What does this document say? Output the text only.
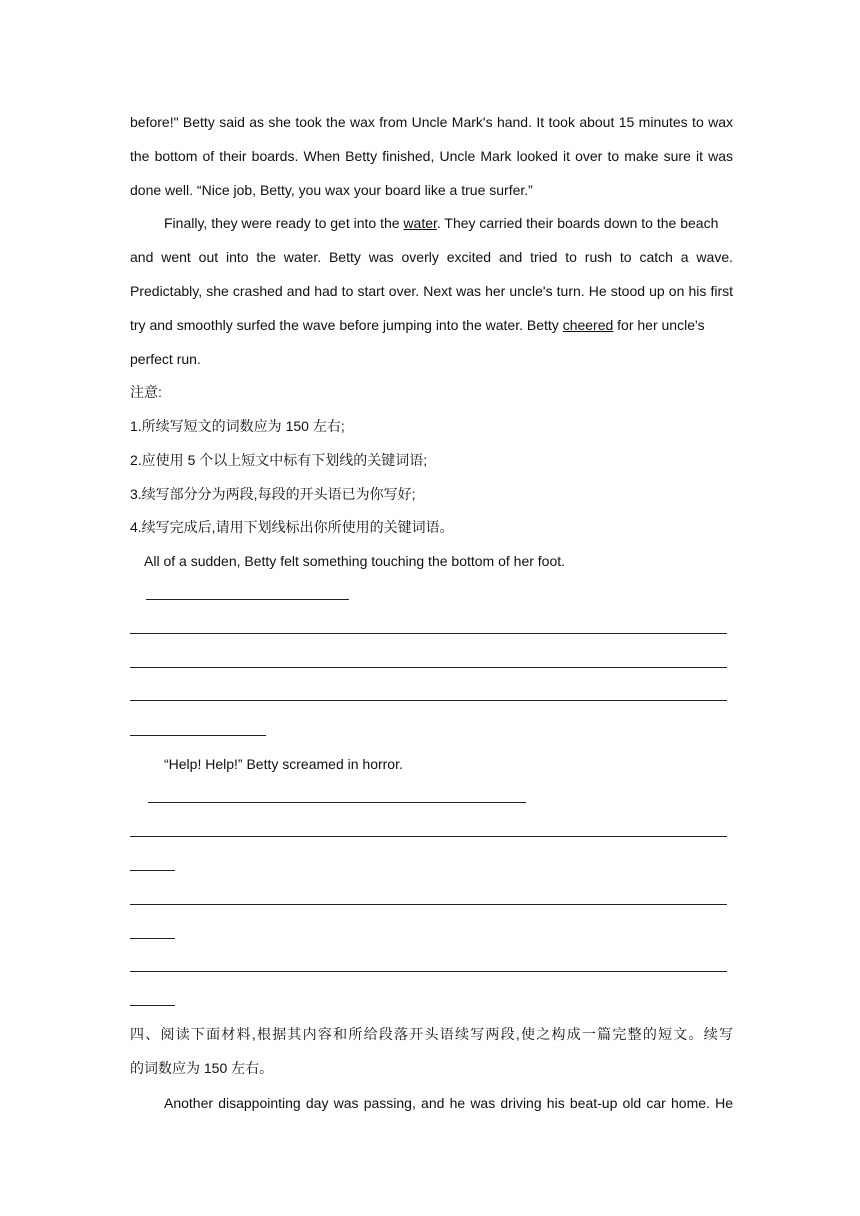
before!" Betty said as she took the wax from Uncle Mark's hand. It took about 15 minutes to wax
the bottom of their boards. When Betty finished, Uncle Mark looked it over to make sure it was
done well. “Nice job, Betty, you wax your board like a true surfer.”
Finally, they were ready to get into the water. They carried their boards down to the beach
and went out into the water. Betty was overly excited and tried to rush to catch a wave.
Predictably, she crashed and had to start over. Next was her uncle's turn. He stood up on his first
try and smoothly surfed the wave before jumping into the water. Betty cheered for her uncle's
perfect run.
注意:
1.所续写短文的词数应为 150 左右;
2.应使用 5 个以上短文中标有下划线的关键词语;
3.续写部分分为两段,每段的开头语已为你写好;
4.续写完成后,请用下划线标出你所使用的关键词语。
All of a sudden, Betty felt something touching the bottom of her foot.
“Help! Help!” Betty screamed in horror.
四、阅读下面材料,根据其内容和所给段落开头语续写两段,使之构成一篇完整的短文。续写
的词数应为 150 左右。
Another disappointing day was passing, and he was driving his beat-up old car home. He
